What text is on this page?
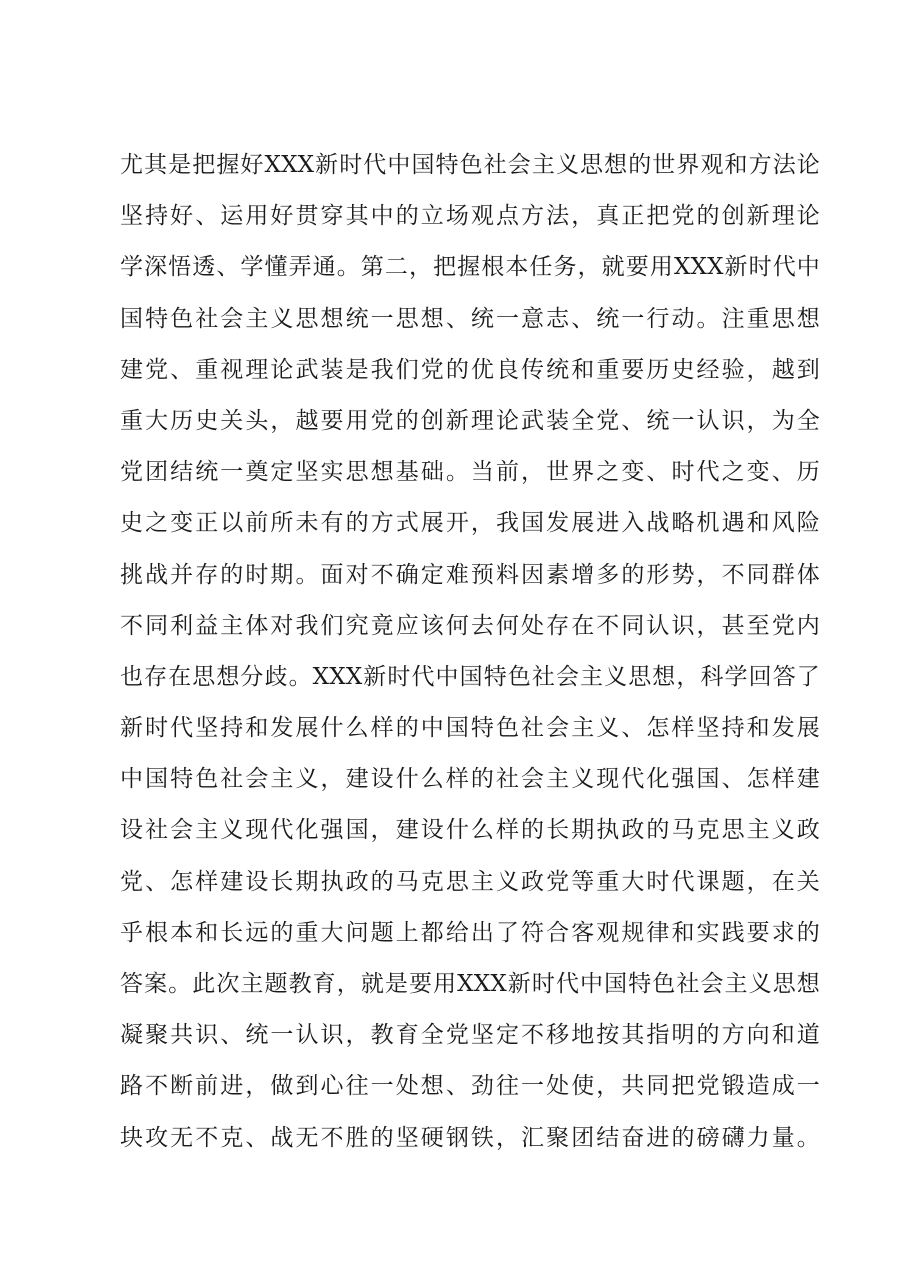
尤其是把握好XXX新时代中国特色社会主义思想的世界观和方法论
坚持好、运用好贯穿其中的立场观点方法，真正把党的创新理论
学深悟透、学懂弄通。第二，把握根本任务，就要用XXX新时代中
国特色社会主义思想统一思想、统一意志、统一行动。注重思想
建党、重视理论武装是我们党的优良传统和重要历史经验，越到
重大历史关头，越要用党的创新理论武装全党、统一认识，为全
党团结统一奠定坚实思想基础。当前，世界之变、时代之变、历
史之变正以前所未有的方式展开，我国发展进入战略机遇和风险
挑战并存的时期。面对不确定难预料因素增多的形势，不同群体
不同利益主体对我们究竟应该何去何处存在不同认识，甚至党内
也存在思想分歧。XXX新时代中国特色社会主义思想，科学回答了
新时代坚持和发展什么样的中国特色社会主义、怎样坚持和发展
中国特色社会主义，建设什么样的社会主义现代化强国、怎样建
设社会主义现代化强国，建设什么样的长期执政的马克思主义政
党、怎样建设长期执政的马克思主义政党等重大时代课题，在关
乎根本和长远的重大问题上都给出了符合客观规律和实践要求的
答案。此次主题教育，就是要用XXX新时代中国特色社会主义思想
凝聚共识、统一认识，教育全党坚定不移地按其指明的方向和道
路不断前进，做到心往一处想、劲往一处使，共同把党锻造成一
块攻无不克、战无不胜的坚硬钢铁，汇聚团结奋进的磅礴力量。
